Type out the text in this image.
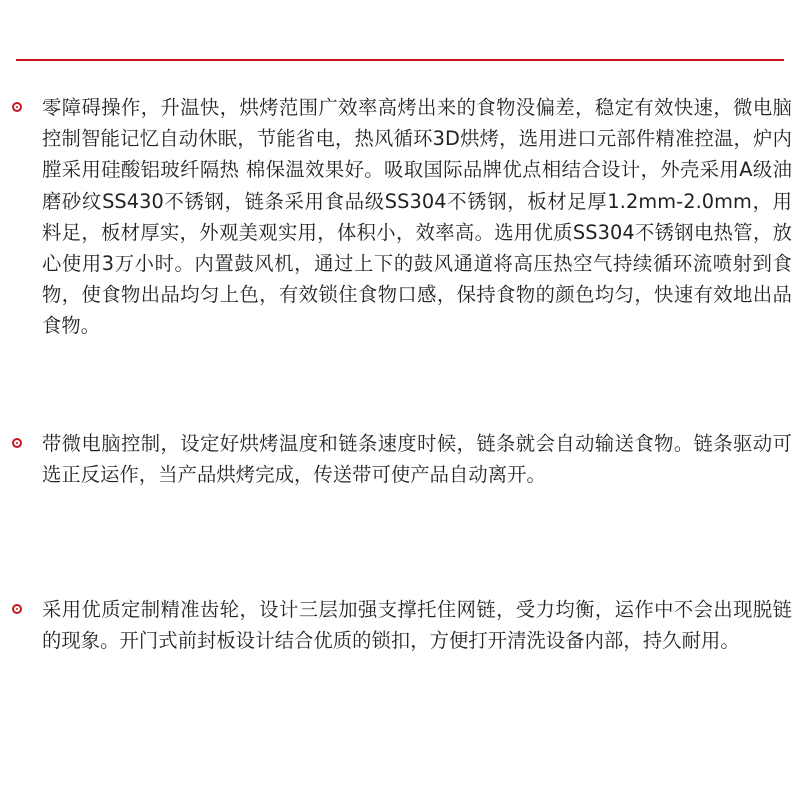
零障碍操作，升温快，烘烤范围广效率高烤出来的食物没偏差，稳定有效快速，微电脑控制智能记忆自动休眠，节能省电，热风循环3D烘烤，选用进口元部件精准控温，炉内膛采用硅酸铝玻纤隔热 棉保温效果好。吸取国际品牌优点相结合设计，外壳采用A级油磨砂纹SS430不锈钢，链条采用食品级SS304不锈钢，板材足厚1.2mm-2.0mm，用料足，板材厚实，外观美观实用，体积小，效率高。选用优质SS304不锈钢电热管，放心使用3万小时。内置鼓风机，通过上下的鼓风通道将高压热空气持续循环流喷射到食物，使食物出品均匀上色，有效锁住食物口感，保持食物的颜色均匀，快速有效地出品食物。
带微电脑控制，设定好烘烤温度和链条速度时候，链条就会自动输送食物。链条驱动可选正反运作，当产品烘烤完成，传送带可使产品自动离开。
采用优质定制精准齿轮，设计三层加强支撑托住网链，受力均衡，运作中不会出现脱链的现象。开门式前封板设计结合优质的锁扣，方便打开清洗设备内部，持久耐用。
